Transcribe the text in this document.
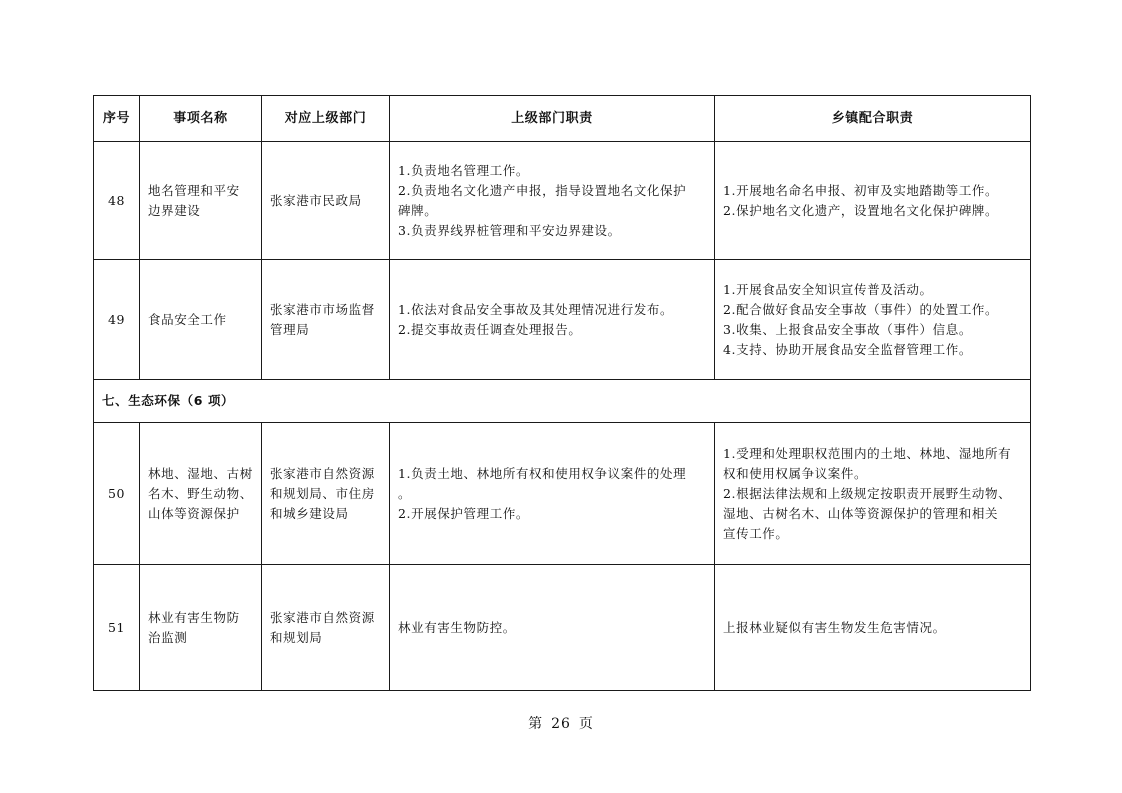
序号	事项名称	对应上级部门	上级部门职责	乡镇配合职责
48	地名管理和平安
边界建设	张家港市民政局	1.负责地名管理工作。
2.负责地名文化遗产申报，指导设置地名文化保护
碑牌。
3.负责界线界桩管理和平安边界建设。	1.开展地名命名申报、初审及实地踏勘等工作。
2.保护地名文化遗产，设置地名文化保护碑牌。

49	食品安全工作	张家港市市场监督
管理局	1.依法对食品安全事故及其处理情况进行发布。
2.提交事故责任调查处理报告。	1.开展食品安全知识宣传普及活动。
2.配合做好食品安全事故（事件）的处置工作。
3.收集、上报食品安全事故（事件）信息。
4.支持、协助开展食品安全监督管理工作。

七、生态环保（6 项）				
50	林地、湿地、古树
名木、野生动物、
山体等资源保护	张家港市自然资源
和规划局、市住房
和城乡建设局	1.负责土地、林地所有权和使用权争议案件的处理
。
2.开展保护管理工作。	1.受理和处理职权范围内的土地、林地、湿地所有
权和使用权属争议案件。
2.根据法律法规和上级规定按职责开展野生动物、
湿地、古树名木、山体等资源保护的管理和相关
宣传工作。

51	林业有害生物防
治监测	张家港市自然资源
和规划局	林业有害生物防控。	上报林业疑似有害生物发生危害情况。
第 26 页
